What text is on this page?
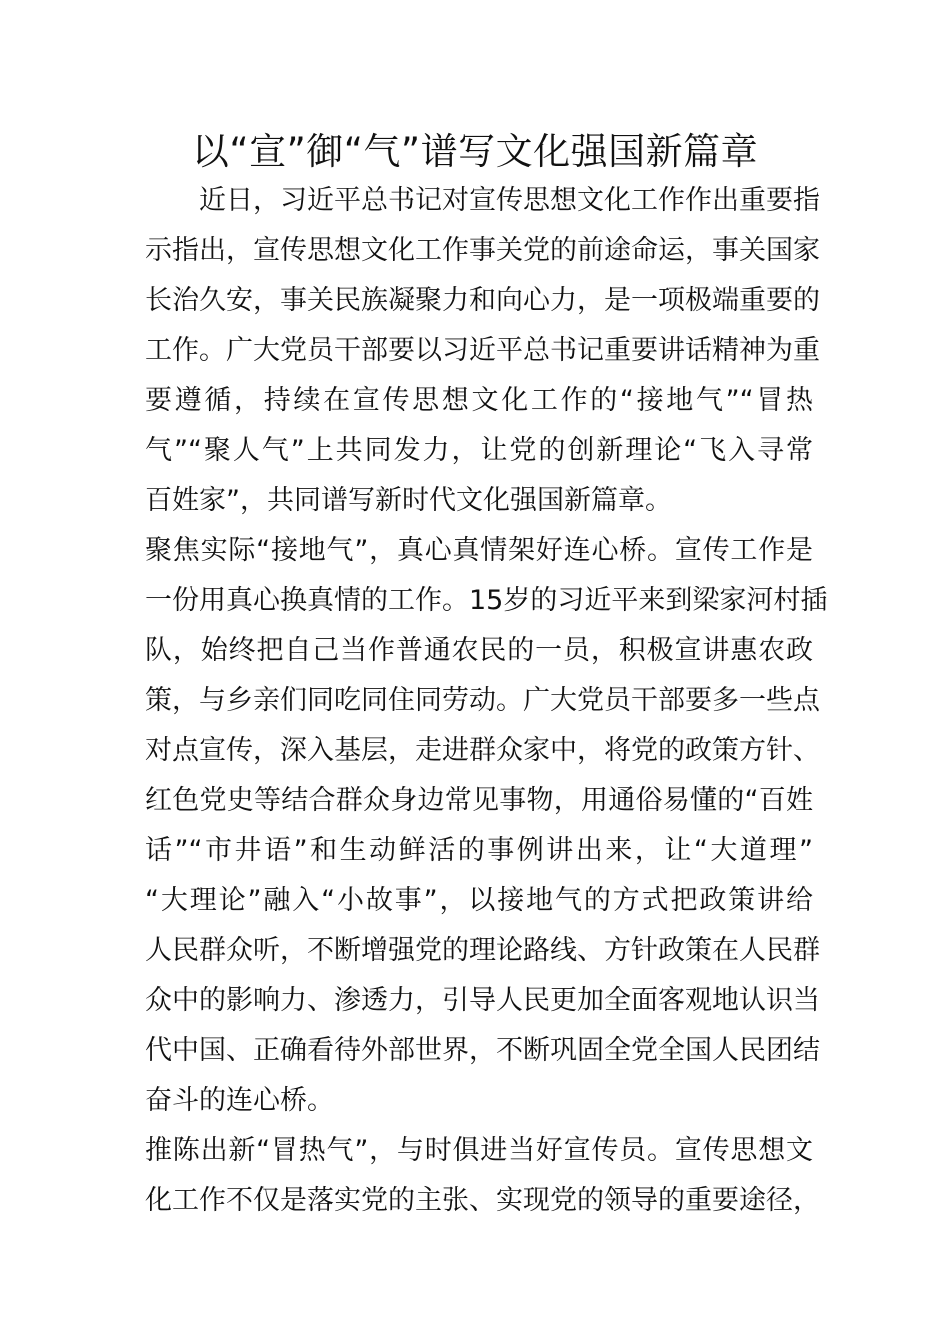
以“宣”御“气”谱写文化强国新篇章
　　近日，习近平总书记对宣传思想文化工作作出重要指
示指出，宣传思想文化工作事关党的前途命运，事关国家
长治久安，事关民族凝聚力和向心力，是一项极端重要的
工作。广大党员干部要以习近平总书记重要讲话精神为重
要遵循，持续在宣传思想文化工作的“接地气”“冒热
气”“聚人气”上共同发力，让党的创新理论“飞入寻常
百姓家”，共同谱写新时代文化强国新篇章。
聚焦实际“接地气”，真心真情架好连心桥。宣传工作是
一份用真心换真情的工作。15岁的习近平来到梁家河村插
队，始终把自己当作普通农民的一员，积极宣讲惠农政
策，与乡亲们同吃同住同劳动。广大党员干部要多一些点
对点宣传，深入基层，走进群众家中，将党的政策方针、
红色党史等结合群众身边常见事物，用通俗易懂的“百姓
话”“市井语”和生动鲜活的事例讲出来，让“大道理”
“大理论”融入“小故事”，以接地气的方式把政策讲给
人民群众听，不断增强党的理论路线、方针政策在人民群
众中的影响力、渗透力，引导人民更加全面客观地认识当
代中国、正确看待外部世界，不断巩固全党全国人民团结
奋斗的连心桥。
推陈出新“冒热气”，与时俱进当好宣传员。宣传思想文
化工作不仅是落实党的主张、实现党的领导的重要途径，
